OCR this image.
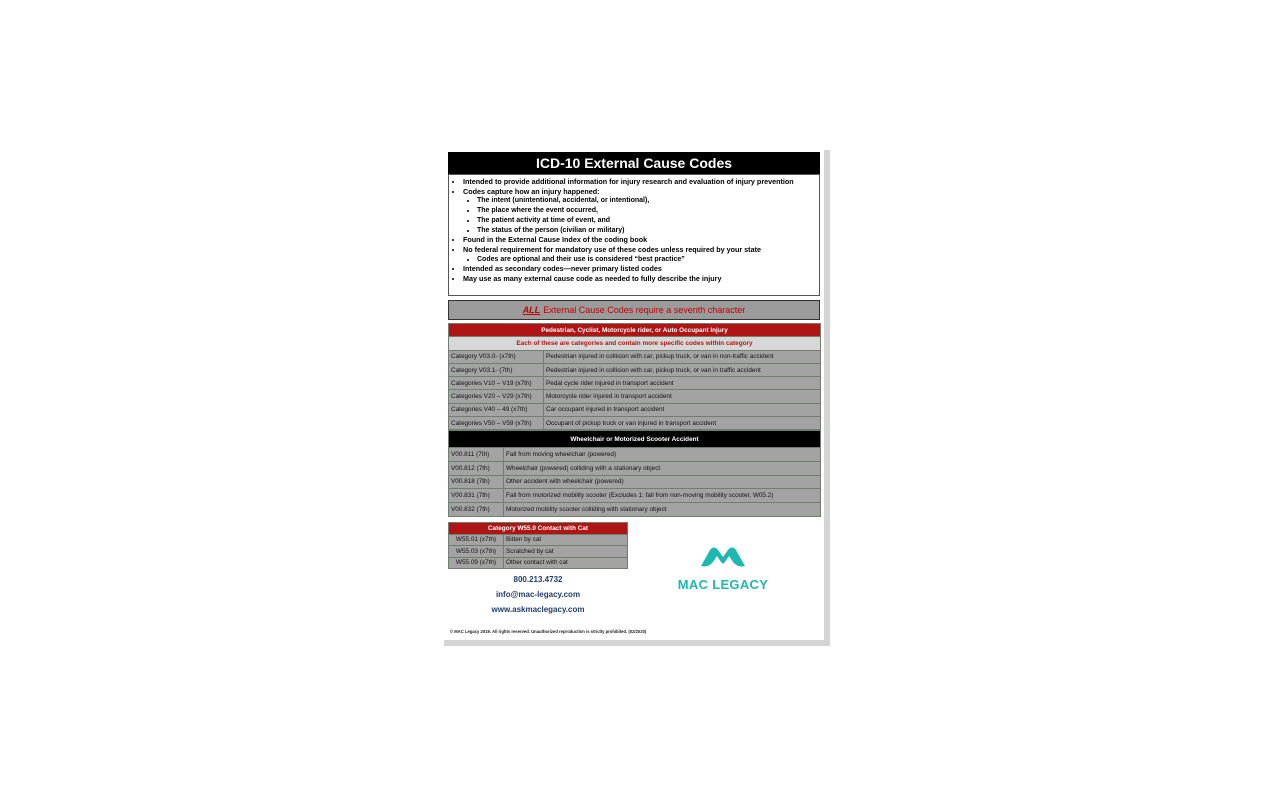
ICD-10 External Cause Codes
• Intended to provide additional information for injury research and evaluation of injury prevention
• Codes capture how an injury happened:
• The intent (unintentional, accidental, or intentional),
• The place where the event occurred,
• The patient activity at time of event, and
• The status of the person (civilian or military)
• Found in the External Cause Index of the coding book
• No federal requirement for mandatory use of these codes unless required by your state
• Codes are optional and their use is considered “best practice”
• Intended as secondary codes—never primary listed codes
• May use as many external cause code as needed to fully describe the injury
ALL External Cause Codes require a seventh character
Pedestrian, Cyclist, Motorcycle rider, or Auto Occupant Injury	
Each of these are categories and contain more specific codes within category	
Category V03.0- (x7th)	Pedestrian injured in collision with car, pickup truck, or van in non-traffic accident
Category V03.1- (7th)	Pedestrian injured in collision with car, pickup truck, or van in traffic accident
Categories V10 – V19 (x7th)	Pedal cycle rider injured in transport accident
Categories V20 – V29 (x7th)	Motorcycle rider injured in transport accident
Categories V40 – 49 (x7th)	Car occupant injured in transport accident
Categories V50 – V59 (x7th)	Occupant of pickup truck or van injured in transport accident
Wheelchair or Motorized Scooter Accident	
V00.811 (7th)	Fall from moving wheelchair (powered)
V00.812 (7th)	Wheelchair (powered) colliding with a stationary object
V00.818 (7th)	Other accident with wheelchair (powered)
V00.831 (7th)	Fall from motorized mobility scooter (Excludes 1: fall from non-moving mobility scooter, W05.2)
V00.832 (7th)	Motorized mobility scooter colliding with stationary object
Category W55.0 Contact with Cat	
W55.01 (x7th)	Bitten by cat
W55.03 (x7th)	Scratched by cat
W55.09 (x7th)	Other contact with cat
800.213.4732
info@mac-legacy.com
www.askmaclegacy.com
MAC LEGACY
© MAC Legacy 2019. All rights reserved. Unauthorized reproduction is strictly prohibited. (02/2020)
